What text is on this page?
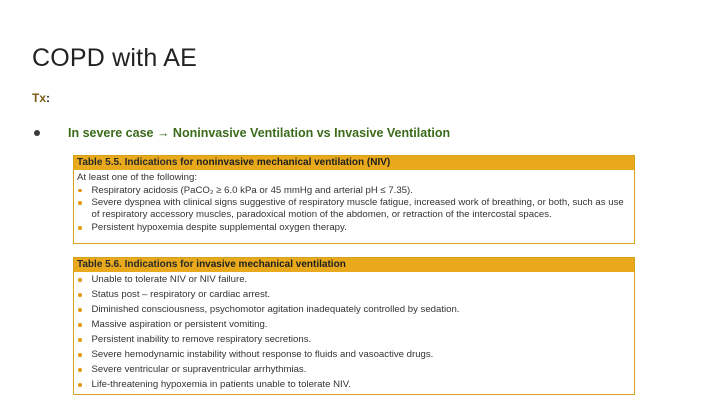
COPD with AE
Tx:
In severe case → Noninvasive Ventilation vs Invasive Ventilation
Table 5.5. Indications for noninvasive mechanical ventilation (NIV)
At least one of the following:
Respiratory acidosis (PaCO₂ ≥ 6.0 kPa or 45 mmHg and arterial pH ≤ 7.35).
Severe dyspnea with clinical signs suggestive of respiratory muscle fatigue, increased work of breathing, or both, such as use of respiratory accessory muscles, paradoxical motion of the abdomen, or retraction of the intercostal spaces.
Persistent hypoxemia despite supplemental oxygen therapy.
Table 5.6. Indications for invasive mechanical ventilation
Unable to tolerate NIV or NIV failure.
Status post – respiratory or cardiac arrest.
Diminished consciousness, psychomotor agitation inadequately controlled by sedation.
Massive aspiration or persistent vomiting.
Persistent inability to remove respiratory secretions.
Severe hemodynamic instability without response to fluids and vasoactive drugs.
Severe ventricular or supraventricular arrhythmias.
Life-threatening hypoxemia in patients unable to tolerate NIV.
